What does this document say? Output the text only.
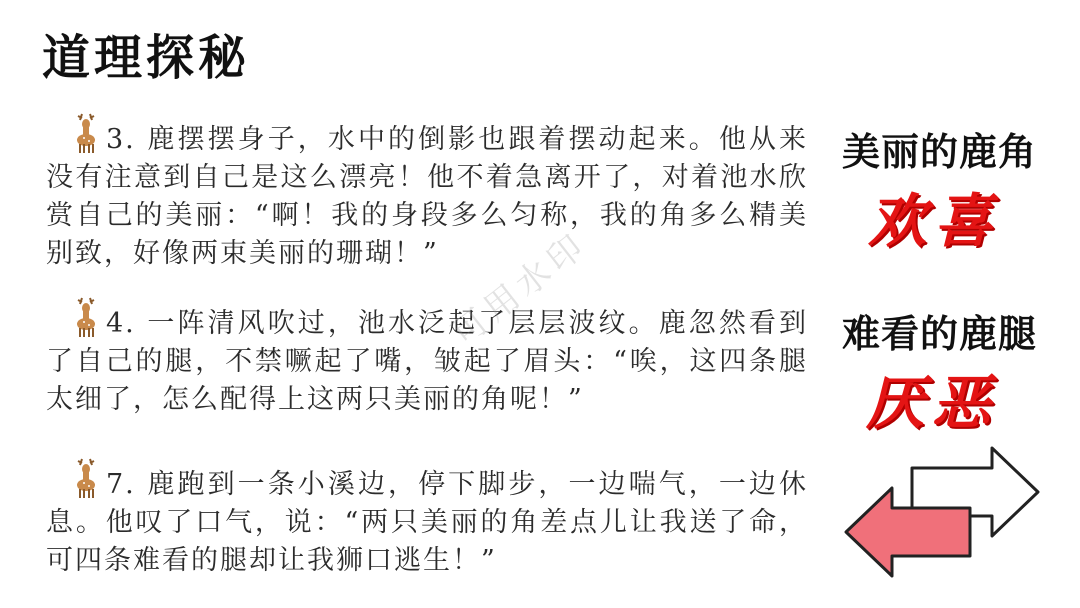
道理探秘
3. 鹿摆摆身子，水中的倒影也跟着摆动起来。他从来没有注意到自己是这么漂亮！他不着急离开了，对着池水欣赏自己的美丽：“啊！我的身段多么匀称，我的角多么精美别致，好像两束美丽的珊瑚！”
4. 一阵清风吹过，池水泛起了层层波纹。鹿忽然看到了自己的腿，不禁噘起了嘴，皱起了眉头：“唉，这四条腿太细了，怎么配得上这两只美丽的角呢！”
7. 鹿跑到一条小溪边，停下脚步，一边喘气，一边休息。他叹了口气，说：“两只美丽的角差点儿让我送了命，可四条难看的腿却让我狮口逃生！”
美丽的鹿角
欢喜
难看的鹿腿
厌恶
可用水印
